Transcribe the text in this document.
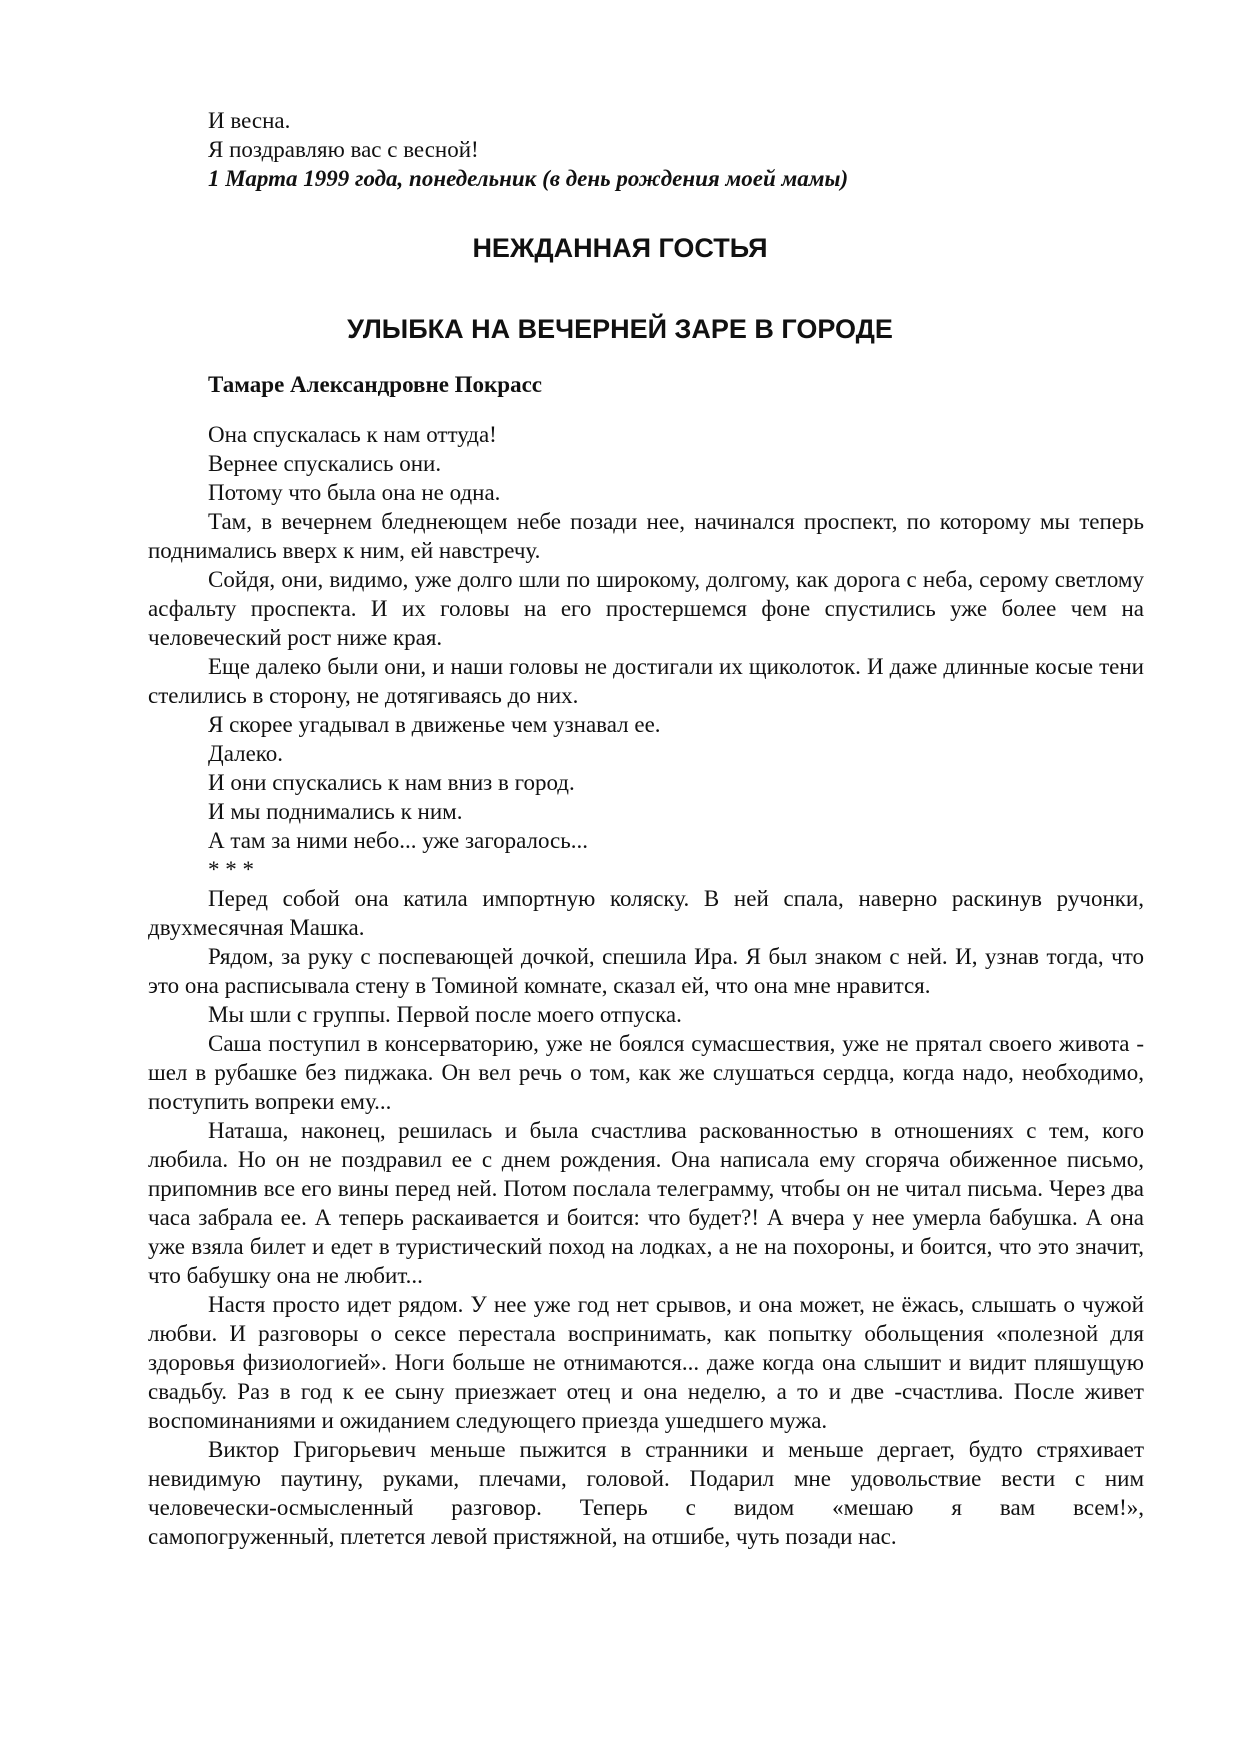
И весна.

Я поздравляю вас с весной!

1 Марта 1999 года, понедельник (в день рождения моей мамы)

НЕЖДАННАЯ ГОСТЬЯ
УЛЫБКА НА ВЕЧЕРНЕЙ ЗАРЕ В ГОРОДЕ
Тамаре Александровне Покрасс

Она спускалась к нам оттуда!

Вернее спускались они.

Потому что была она не одна.

Там, в вечернем бледнеющем небе позади нее, начинался проспект, по которому мы теперь поднимались вверх к ним, ей навстречу.

Сойдя, они, видимо, уже долго шли по широкому, долгому, как дорога с неба, серому светлому асфальту проспекта. И их головы на его простершемся фоне спустились уже более чем на человеческий рост ниже края.

Еще далеко были они, и наши головы не достигали их щиколоток. И даже длинные косые тени стелились в сторону, не дотягиваясь до них.

Я скорее угадывал в движенье чем узнавал ее.

Далеко.

И они спускались к нам вниз в город.

И мы поднимались к ним.

А там за ними небо... уже загоралось...

* * *

Перед собой она катила импортную коляску. В ней спала, наверно раскинув ручонки, двухмесячная Машка.

Рядом, за руку с поспевающей дочкой, спешила Ира. Я был знаком с ней. И, узнав тогда, что это она расписывала стену в Томиной комнате, сказал ей, что она мне нравится.

Мы шли с группы. Первой после моего отпуска.

Саша поступил в консерваторию, уже не боялся сумасшествия, уже не прятал своего живота - шел в рубашке без пиджака. Он вел речь о том, как же слушаться сердца, когда надо, необходимо, поступить вопреки ему...

Наташа, наконец, решилась и была счастлива раскованностью в отношениях с тем, кого любила. Но он не поздравил ее с днем рождения. Она написала ему сгоряча обиженное письмо, припомнив все его вины перед ней. Потом послала телеграмму, чтобы он не читал письма. Через два часа забрала ее. А теперь раскаивается и боится: что будет?! А вчера у нее умерла бабушка. А она уже взяла билет и едет в туристический поход на лодках, а не на похороны, и боится, что это значит, что бабушку она не любит...

Настя просто идет рядом. У нее уже год нет срывов, и она может, не ёжась, слышать о чужой любви. И разговоры о сексе перестала воспринимать, как попытку обольщения «полезной для здоровья физиологией». Ноги больше не отнимаются... даже когда она слышит и видит пляшущую свадьбу. Раз в год к ее сыну приезжает отец и она неделю, а то и две -счастлива. После живет воспоминаниями и ожиданием следующего приезда ушедшего мужа.

Виктор Григорьевич меньше пыжится в странники и меньше дергает, будто стряхивает

невидимую паутину, руками, плечами, головой. Подарил мне удовольствие вести с ним

человечески-осмысленный разговор. Теперь с видом «мешаю я вам всем!»,

самопогруженный, плетется левой пристяжной, на отшибе, чуть позади нас.
